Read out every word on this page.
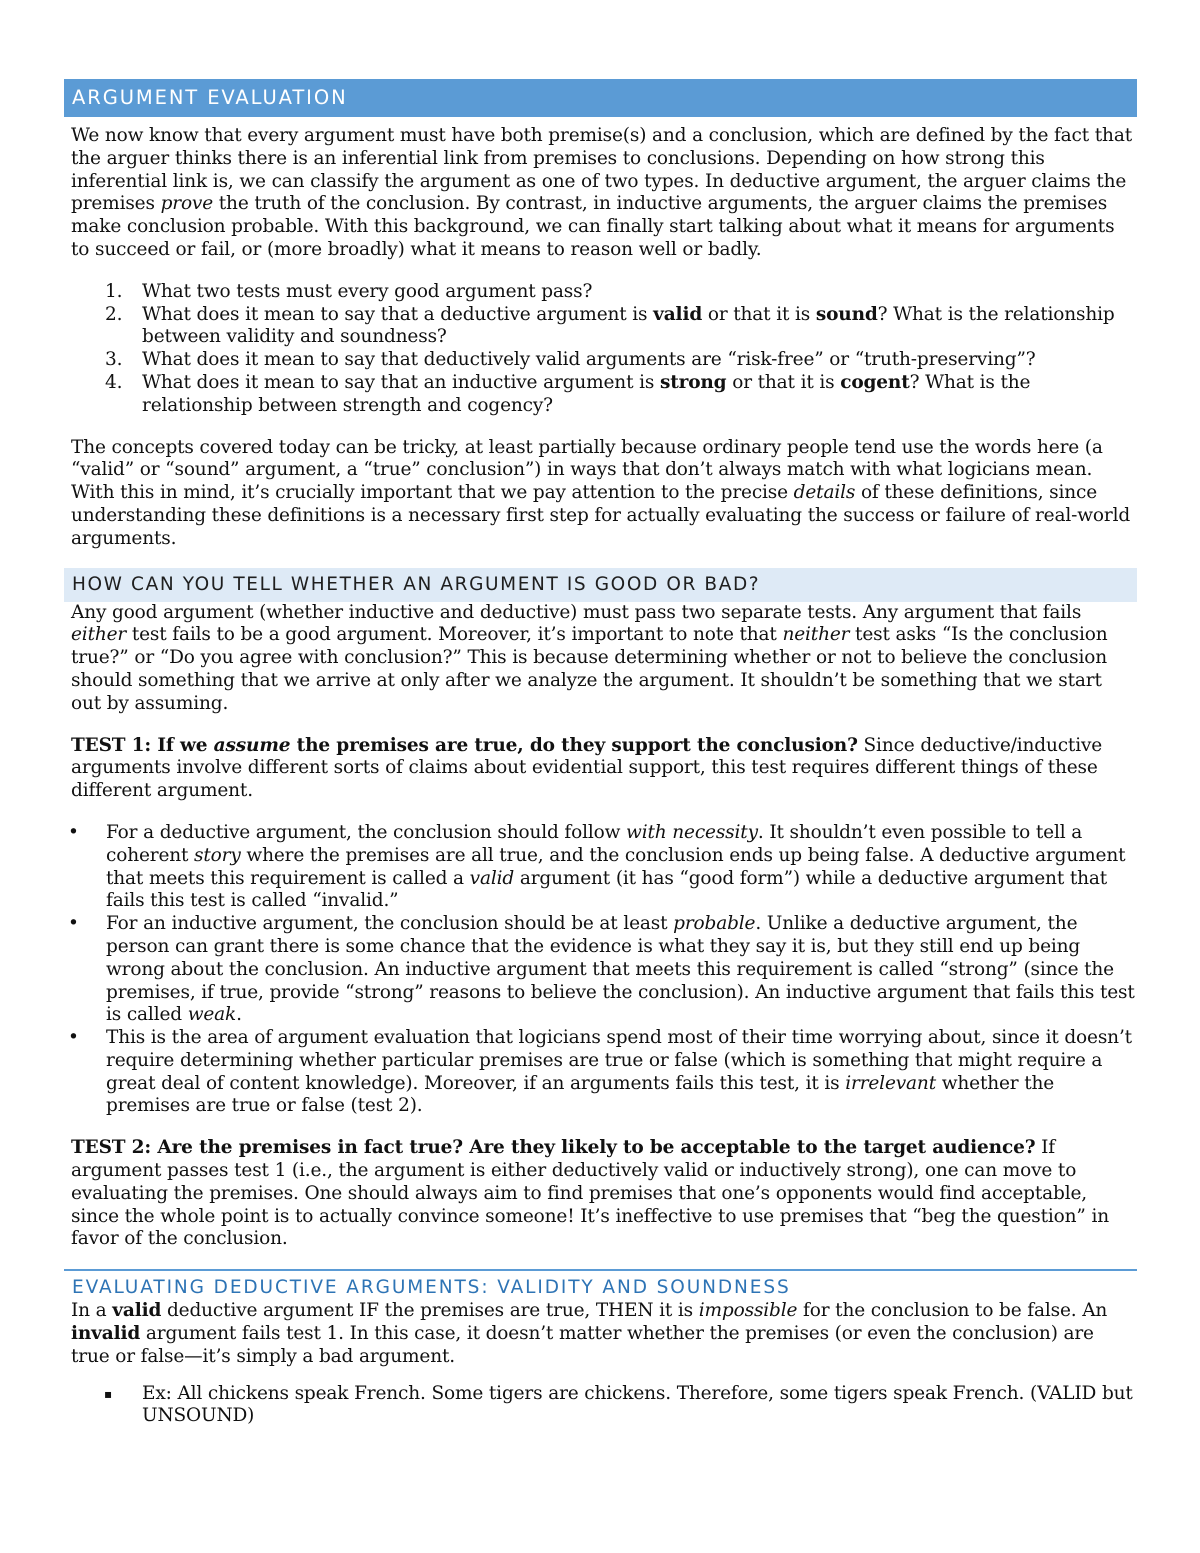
ARGUMENT EVALUATION

We now know that every argument must have both premise(s) and a conclusion, which are defined by the fact that the arguer thinks there is an inferential link from premises to conclusions. Depending on how strong this inferential link is, we can classify the argument as one of two types. In deductive argument, the arguer claims the premises prove the truth of the conclusion. By contrast, in inductive arguments, the arguer claims the premises make conclusion probable. With this background, we can finally start talking about what it means for arguments to succeed or fail, or (more broadly) what it means to reason well or badly.

1. What two tests must every good argument pass?
2. What does it mean to say that a deductive argument is valid or that it is sound? What is the relationship between validity and soundness?
3. What does it mean to say that deductively valid arguments are “risk-free” or “truth-preserving”?
4. What does it mean to say that an inductive argument is strong or that it is cogent? What is the relationship between strength and cogency?

The concepts covered today can be tricky, at least partially because ordinary people tend use the words here (a “valid” or “sound” argument, a “true” conclusion”) in ways that don’t always match with what logicians mean. With this in mind, it’s crucially important that we pay attention to the precise details of these definitions, since understanding these definitions is a necessary first step for actually evaluating the success or failure of real-world arguments.

HOW CAN YOU TELL WHETHER AN ARGUMENT IS GOOD OR BAD?

Any good argument (whether inductive and deductive) must pass two separate tests. Any argument that fails either test fails to be a good argument. Moreover, it’s important to note that neither test asks “Is the conclusion true?” or “Do you agree with conclusion?” This is because determining whether or not to believe the conclusion should something that we arrive at only after we analyze the argument. It shouldn’t be something that we start out by assuming.

TEST 1: If we assume the premises are true, do they support the conclusion? Since deductive/inductive arguments involve different sorts of claims about evidential support, this test requires different things of these different argument.

• For a deductive argument, the conclusion should follow with necessity. It shouldn’t even possible to tell a coherent story where the premises are all true, and the conclusion ends up being false. A deductive argument that meets this requirement is called a valid argument (it has “good form”) while a deductive argument that fails this test is called “invalid.”
• For an inductive argument, the conclusion should be at least probable. Unlike a deductive argument, the person can grant there is some chance that the evidence is what they say it is, but they still end up being wrong about the conclusion. An inductive argument that meets this requirement is called “strong” (since the premises, if true, provide “strong” reasons to believe the conclusion). An inductive argument that fails this test is called weak.
• This is the area of argument evaluation that logicians spend most of their time worrying about, since it doesn’t require determining whether particular premises are true or false (which is something that might require a great deal of content knowledge). Moreover, if an arguments fails this test, it is irrelevant whether the premises are true or false (test 2).

TEST 2: Are the premises in fact true? Are they likely to be acceptable to the target audience? If argument passes test 1 (i.e., the argument is either deductively valid or inductively strong), one can move to evaluating the premises. One should always aim to find premises that one’s opponents would find acceptable, since the whole point is to actually convince someone! It’s ineffective to use premises that “beg the question” in favor of the conclusion.

EVALUATING DEDUCTIVE ARGUMENTS: VALIDITY AND SOUNDNESS

In a valid deductive argument IF the premises are true, THEN it is impossible for the conclusion to be false. An invalid argument fails test 1. In this case, it doesn’t matter whether the premises (or even the conclusion) are true or false—it’s simply a bad argument.

▪ Ex: All chickens speak French. Some tigers are chickens. Therefore, some tigers speak French. (VALID but UNSOUND)
